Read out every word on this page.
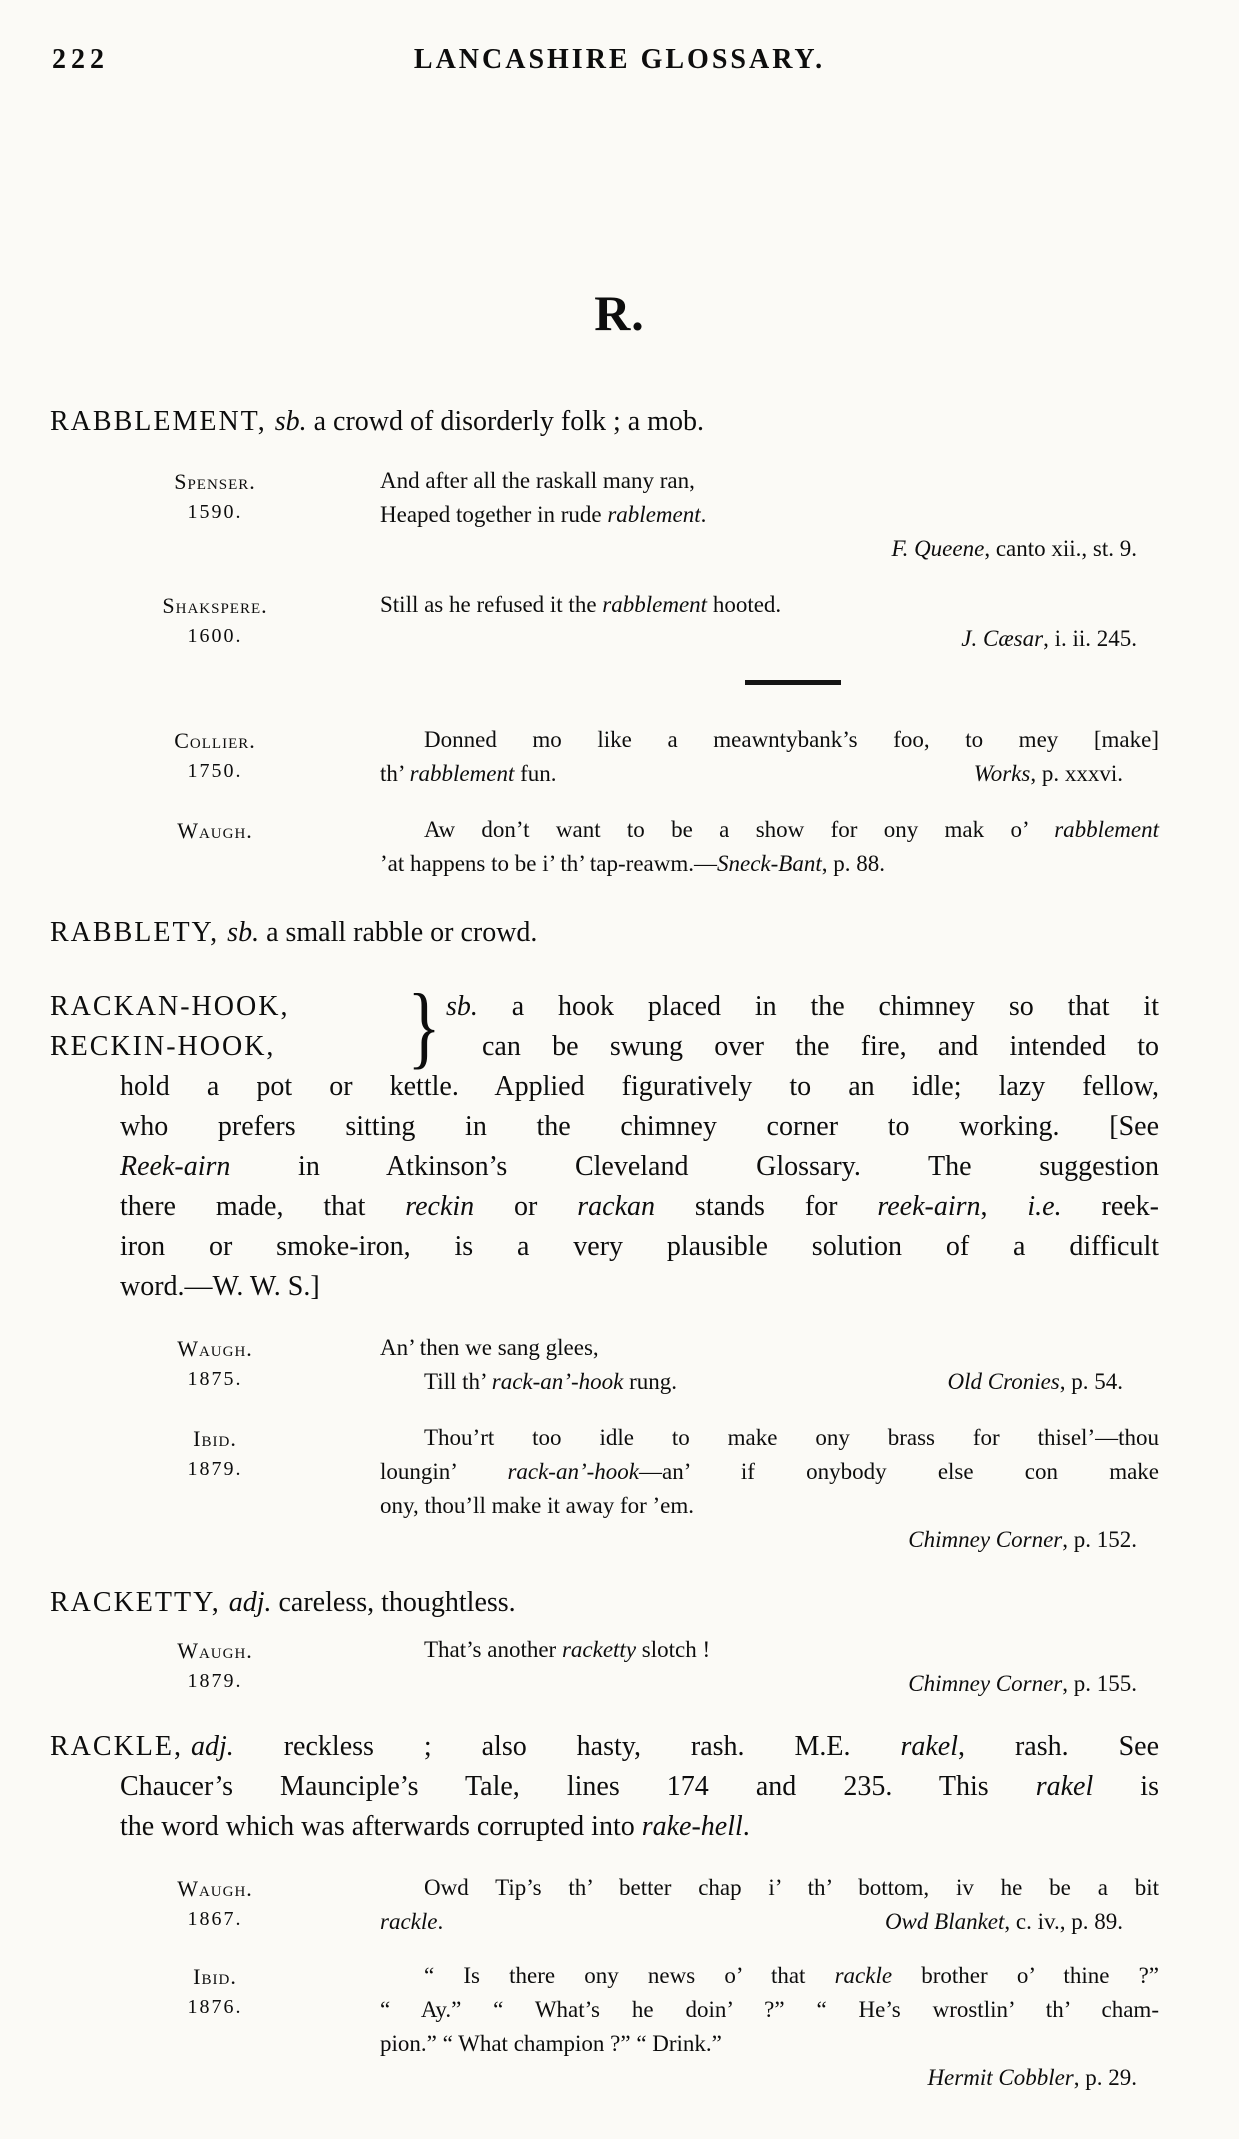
222	LANCASHIRE GLOSSARY.
R.

RABBLEMENT, sb. a crowd of disorderly folk ; a mob.

Spenser.
1590.
And after all the raskall many ran,
Heaped together in rude rablement.
F. Queene, canto xii., st. 9.
Shakspere.
1600.
Still as he refused it the rabblement hooted.
J. Cæsar, i. ii. 245.
Collier.
1750.
Donned mo like a meawntybank’s foo, to mey [make]
th’ rabblement fun.	Works, p. xxxvi.
Waugh.	Aw don’t want to be a show for ony mak o’ rabblement
’at happens to be i’ th’ tap-reawm.—Sneck-Bant, p. 88.

RABBLETY, sb. a small rabble or crowd.

RACKAN-HOOK,
RECKIN-HOOK,	} sb. a hook placed in the chimney so that it
can be swung over the fire, and intended to
hold a pot or kettle. Applied figuratively to an idle; lazy fellow,
who prefers sitting in the chimney corner to working. [See
Reek-airn in Atkinson’s Cleveland Glossary. The suggestion
there made, that reckin or rackan stands for reek-airn, i.e. reek-
iron or smoke-iron, is a very plausible solution of a difficult
word.—W. W. S.]
Waugh.
1875.
An’ then we sang glees,
Till th’ rack-an’-hook rung.	Old Cronies, p. 54.
Ibid.
1879.
Thou’rt too idle to make ony brass for thisel’—thou
loungin’ rack-an’-hook—an’ if onybody else con make
ony, thou’ll make it away for ’em.
Chimney Corner, p. 152.

RACKETTY, adj. careless, thoughtless.

Waugh.
1879.
That’s another racketty slotch !
Chimney Corner, p. 155.

RACKLE, adj. reckless ; also hasty, rash. M.E. rakel, rash. See

Chaucer’s Maunciple’s Tale, lines 174 and 235. This rakel is

the word which was afterwards corrupted into rake-hell.

Waugh.
1867.
Owd Tip’s th’ better chap i’ th’ bottom, iv he be a bit
rackle.	Owd Blanket, c. iv., p. 89.
Ibid.
1876.
“ Is there ony news o’ that rackle brother o’ thine ?”
“ Ay.” “ What’s he doin’ ?” “ He’s wrostlin’ th’ cham-
pion.” “ What champion ?” “ Drink.”
Hermit Cobbler, p. 29.
